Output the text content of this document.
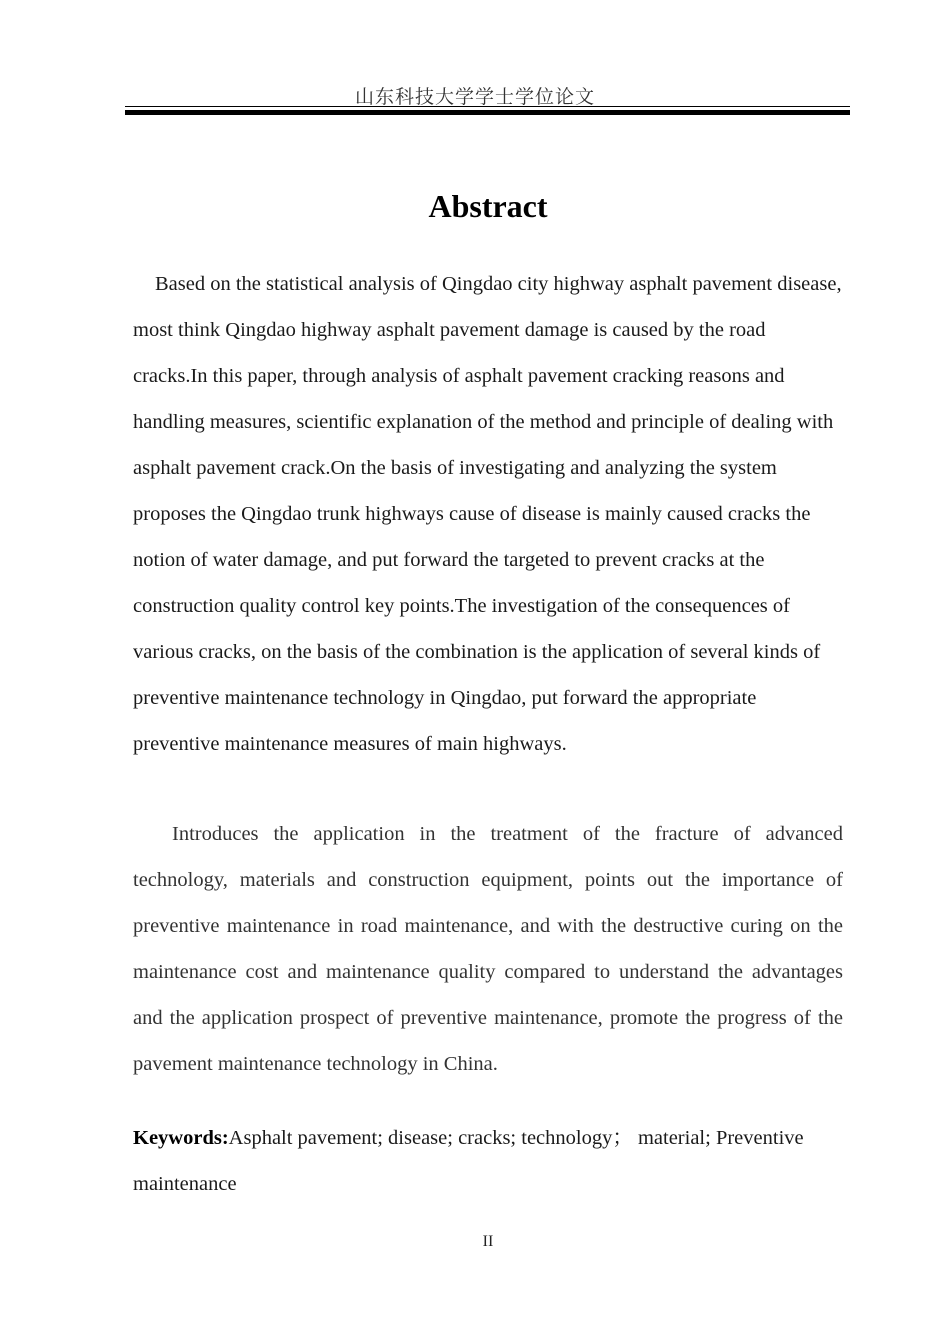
山东科技大学学士学位论文
Abstract

Based on the statistical analysis of Qingdao city highway asphalt pavement disease, most think Qingdao highway asphalt pavement damage is caused by the road cracks.In this paper, through analysis of asphalt pavement cracking reasons and handling measures, scientific explanation of the method and principle of dealing with asphalt pavement crack.On the basis of investigating and analyzing the system proposes the Qingdao trunk highways cause of disease is mainly caused cracks the notion of water damage, and put forward the targeted to prevent cracks at the construction quality control key points.The investigation of the consequences of various cracks, on the basis of the combination is the application of several kinds of preventive maintenance technology in Qingdao, put forward the appropriate preventive maintenance measures of main highways.

Introduces the application in the treatment of the fracture of advanced technology, materials and construction equipment, points out the importance of preventive maintenance in road maintenance, and with the destructive curing on the maintenance cost and maintenance quality compared to understand the advantages and the application prospect of preventive maintenance, promote the progress of the pavement maintenance technology in China.

Keywords:Asphalt pavement; disease; cracks; technology； material; Preventive maintenance
II
